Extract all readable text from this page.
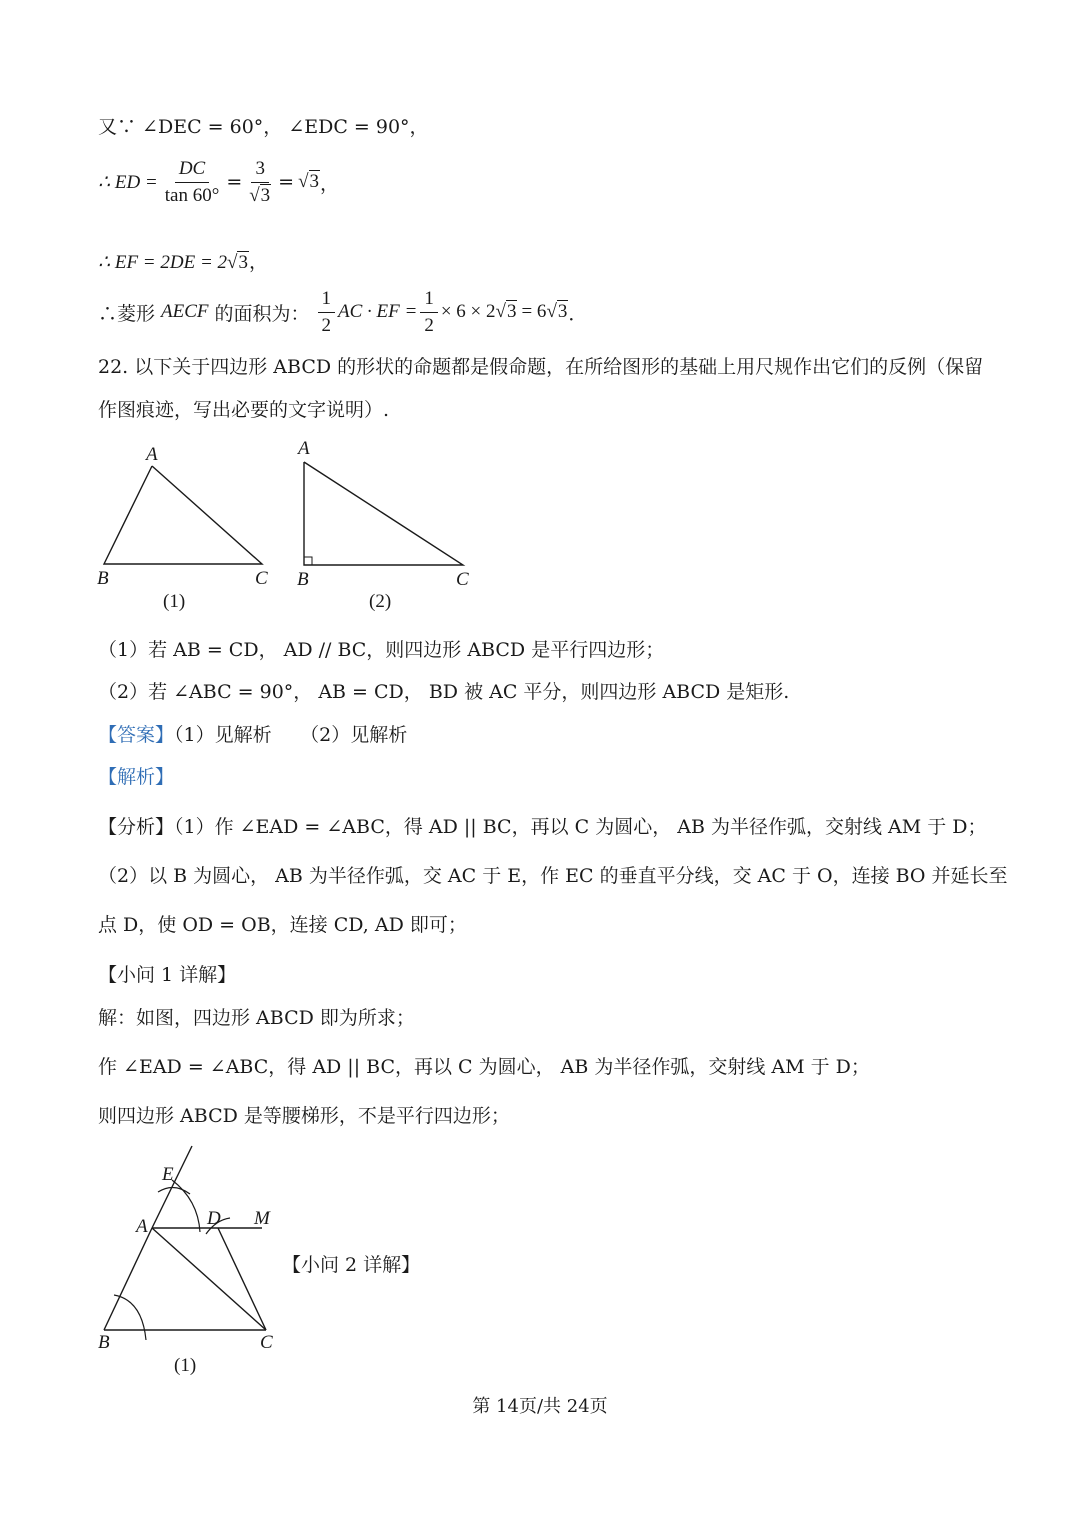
又∵ ∠DEC = 60°， ∠EDC = 90°，
∴ ED = $\frac{DC}{\tan 60^\circ} = \frac{3}{√3} = √3$ ，
∴ EF = 2DE = 2√3，
∴菱形 AECF 的面积为： $\frac{1}{2}$ AC · EF = $\frac{1}{2} \times 6 \times 2$ √3 = 6 √3 ．
22. 以下关于四边形 ABCD 的形状的命题都是假命题，在所给图形的基础上用尺规作出它们的反例（保留
作图痕迹，写出必要的文字说明）.
A
B	C
(1)
A
B	C
(2)
（1）若 AB = CD， AD // BC，则四边形 ABCD 是平行四边形；
（2）若 ∠ABC = 90°， AB = CD， BD 被 AC 平分，则四边形 ABCD 是矩形.
【答案】（1）见解析　　（2）见解析
【解析】
【分析】（1）作 ∠EAD = ∠ABC，得 AD || BC，再以 C 为圆心， AB 为半径作弧，交射线 AM 于 D；
（2）以 B 为圆心， AB 为半径作弧，交 AC 于 E，作 EC 的垂直平分线，交 AC 于 O，连接 BO 并延长至
点 D，使 OD = OB，连接 CD, AD 即可；
【小问 1 详解】
解：如图，四边形 ABCD 即为所求；
作 ∠EAD = ∠ABC，得 AD || BC，再以 C 为圆心， AB 为半径作弧，交射线 AM 于 D；
则四边形 ABCD 是等腰梯形，不是平行四边形；
E
A	D M
B	C
(1)
【小问 2 详解】
第 14页/共 24页
